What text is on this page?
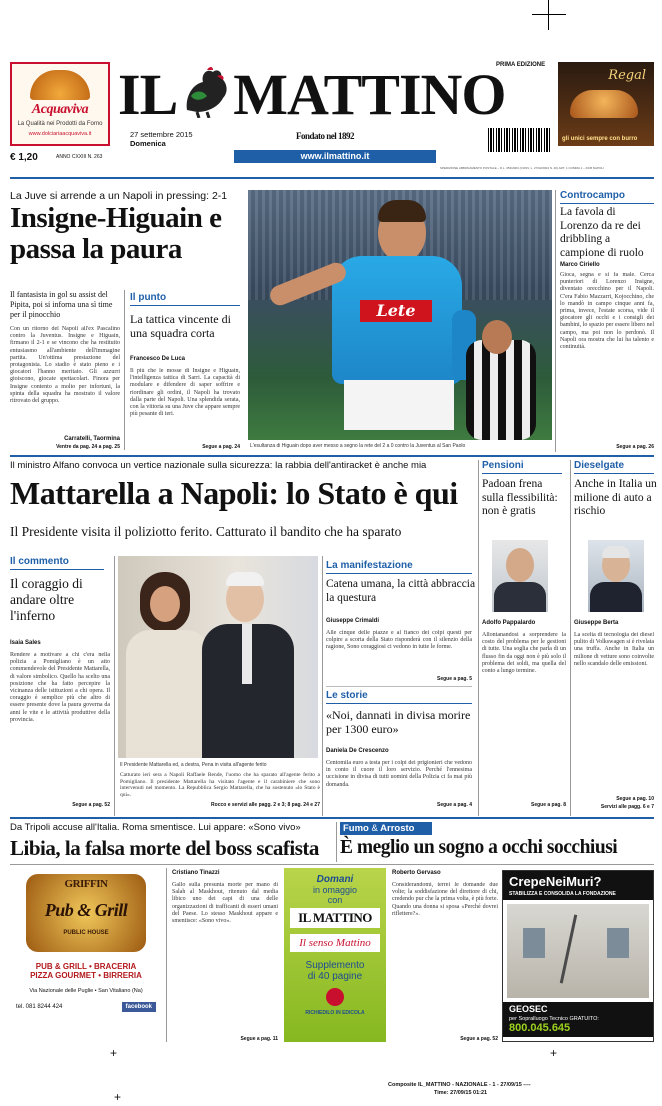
Acquaviva
La Qualità nei Prodotti da Forno
www.dolciariaacquaviva.it
PRIMA EDIZIONE
IL MATTINO	Regal
gli unici sempre con burro
27 settembre 2015
Domenica
Fondato nel 1892
€ 1,20	ANNO CXXIII N. 263	www.ilmattino.it
SPEDIZIONE ABBONAMENTO POSTALE – D.L. 353/2003 (CONV. L. 27/02/2004 N. 46) ART. 1 COMMA 1 – DCB NAPOLI
La Juve si arrende a un Napoli in pressing: 2-1
Insigne-Higuain e passa la paura
Il fantasista in gol su assist del Pipita, poi si inforna una sì time per il pinocchio
Con un ritorno del Napoli all'ex Pascalino contro la Juventus. Insigne e Higuain, firmano il 2-1 e se vincono che ha restituito entusiasmo all'ambiente dell'immagine partita. Un'ottima prestazione del protagonista. Lo stadio è stato pieno e i giocatori l'hanno meritato. Gli azzurri gioiscono, giocate spettacolari. Finora per Insigne contento a molto per infortuni, la spinta della squadra ha mostrato il valore ritrovato del gruppo.
Carratelli, Taormina
Ventre da pag. 24 a pag. 25
Il punto
La tattica vincente di una squadra corta
Francesco De Luca
Il più che le mosse di Insigne e Higuain, l'intelligenza tattica di Sarri. La capacità di modulare e difendere di saper soffrire e riordinare gli ordini, il Napoli ha trovato dalla parte del Napoli. Una splendida serata, con la vittoria su una Juve che appare sempre più pesante di ieri.
Segue a pag. 24
Lete
L'esultanza di Higuain dopo aver messo a segno la rete del 2 a 0 contro la Juventus al San Paolo
Controcampo
La favola di Lorenzo da re dei dribbling a campione di ruolo
Marco Ciriello
Gioca, segna e si fa male. Cerca punteriori di Lorenzo Insigne, diventato orecchino per il Napoli. C'era Fabio Mazzarri, Kojocchino, che lo mandò in campo cinque anni fa, prima, invece, l'estate scorsa, vide il giocatore gli occhi e i consigli dei bambini, lo spazio per essere libero nel campo, ma poi non lo perdonò. Il Napoli ora mostra che lui ha talento e continuità.
Segue a pag. 26
Il ministro Alfano convoca un vertice nazionale sulla sicurezza: la rabbia dell'antiracket è anche mia
Mattarella a Napoli: lo Stato è qui
Il Presidente visita il poliziotto ferito. Catturato il bandito che ha sparato
Pensioni
Padoan frena sulla flessibilità: non è gratis
Adolfo Pappalardo
Allontanandosi a sorprendere la costo del problema per le gestioni di tutte. Una soglia che parla di un flusso fin da oggi non è più solo il problema dei soldi, ma quella del conto a lungo termine.
Segue a pag. 8
Dieselgate
Anche in Italia un milione di auto a rischio
Giuseppe Berta
La scelta di tecnologia dei diesel pulito di Volkswagen si è rivelata una truffa. Anche in Italia un milione di vetture sono coinvolte nello scandalo delle emissioni.
Segue a pag. 10
Servizi alle pagg. 6 e 7
Il commento
Il coraggio di andare oltre l'inferno
Isaia Sales
Rendere a motivare a chi c'era nella polizia a Pomigliano è un atto commendevole del Presidente Mattarella, di valore simbolico. Quello ha scelto una posizione che ha fatto percepire la vicinanza delle istituzioni a chi opera. Il coraggio è semplice più che altro di essere presente dove la paura governa da anni le vite e le attività produttive della provincia.
Segue a pag. 52
Il Presidente Mattarella ed, a destra, Pena in visita all'agente ferito
Catturato ieri sera a Napoli Raffaele Rende, l'uomo che ha sparato all'agente ferito a Pomigliano. Il presidente Mattarella ha visitato l'agente e il carabiniere che sono intervenuti nel momento. La Repubblica Sergio Mattarella, che ha sostenuto «lo Stato è qui».
Rocco e servizi alle pagg. 2 e 3; 8 pag. 24 e 27
La manifestazione
Catena umana, la città abbraccia la questura
Giuseppe Crimaldi
Alle cinque delle piazze e al fianco dei colpi questi per colpire a scorta della Stato risponderà con il silenzio della ragione, Sono coraggiosi ci vedono in tutte le forme.
Segue a pag. 5
Le storie
«Noi, dannati in divisa morire per 1300 euro»
Daniela De Crescenzo
Centomila euro a testa per i colpi dei prigionieri che vedono in conto il cuore il loro servizio. Perché l'ennesima uccisione in divisa di tutti uomini della Polizia ci fa mai più domanda.
Segue a pag. 4
Da Tripoli accuse all'Italia. Roma smentisce. Lui appare: «Sono vivo»
Libia, la falsa morte del boss scafista
Fumo & Arrosto
È meglio un sogno a occhi socchiusi
GRIFFIN
Pub & Grill
PUBLIC HOUSE
PUB & GRILL • BRACERIA
PIZZA GOURMET • BIRRERIA
Via Nazionale delle Puglie • San Vitaliano (Na)
tel. 081 8244 424	facebook
Cristiano Tinazzi
Gallo sulla presunta morte per mano di Salah al Maskhout, ritenuto dal media libico uno dei capi di una delle organizzazioni di trafficanti di esseri umani del Paese. Lo stesso Maskhout appare e smentisce: «Sono vivo».
Segue a pag. 11
Domani
in omaggio
con
IL MATTINO
Il senso Mattino
Supplemento
di 40 pagine
RICHIEDILO IN EDICOLA
Roberto Gervaso
Considerandomi, terrei le domande due volte; la soddisfazione del direttore di chi, credendo pur che la prima volta, è più forte. Quando una donna si sposa «Perché dovrei riflettere?».
Segue a pag. 52
CrepeNeiMuri?
STABILIZZA E CONSOLIDA LA FONDAZIONE
GEOSEC
per Sopralluogo Tecnico GRATUITO:
800.045.645
+	+
+
Composite IL_MATTINO - NAZIONALE - 1 - 27/09/15 ----
Time: 27/09/15 01:21
